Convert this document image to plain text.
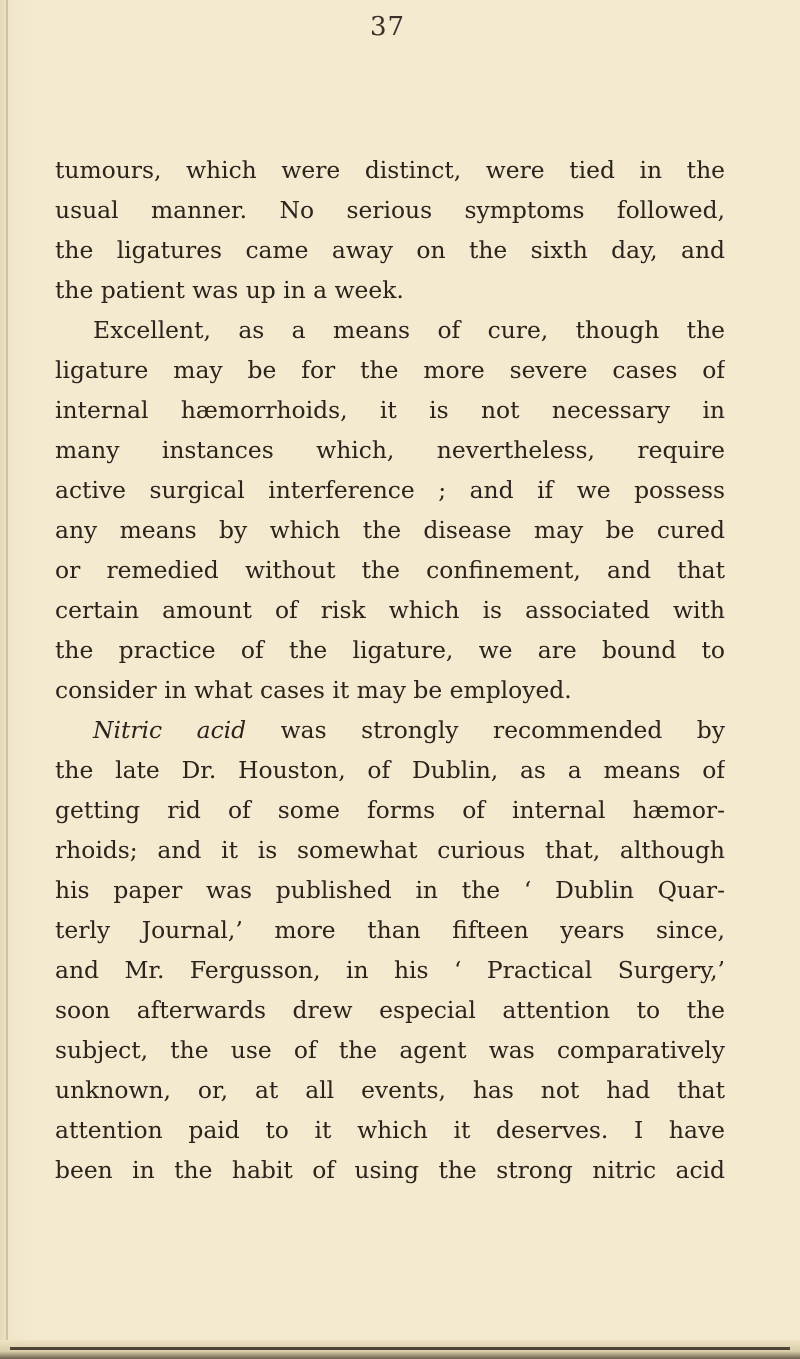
37
tumours, which were distinct, were tied in the
usual manner. No serious symptoms followed,
the ligatures came away on the sixth day, and
the patient was up in a week.
Excellent, as a means of cure, though the
ligature may be for the more severe cases of
internal hæmorrhoids, it is not necessary in
many instances which, nevertheless, require
active surgical interference ; and if we possess
any means by which the disease may be cured
or remedied without the confinement, and that
certain amount of risk which is associated with
the practice of the ligature, we are bound to
consider in what cases it may be employed.
Nitric acid was strongly recommended by
the late Dr. Houston, of Dublin, as a means of
getting rid of some forms of internal hæmor-
rhoids; and it is somewhat curious that, although
his paper was published in the ‘ Dublin Quar-
terly Journal,’ more than fifteen years since,
and Mr. Fergusson, in his ‘ Practical Surgery,’
soon afterwards drew especial attention to the
subject, the use of the agent was comparatively
unknown, or, at all events, has not had that
attention paid to it which it deserves. I have
been in the habit of using the strong nitric acid
